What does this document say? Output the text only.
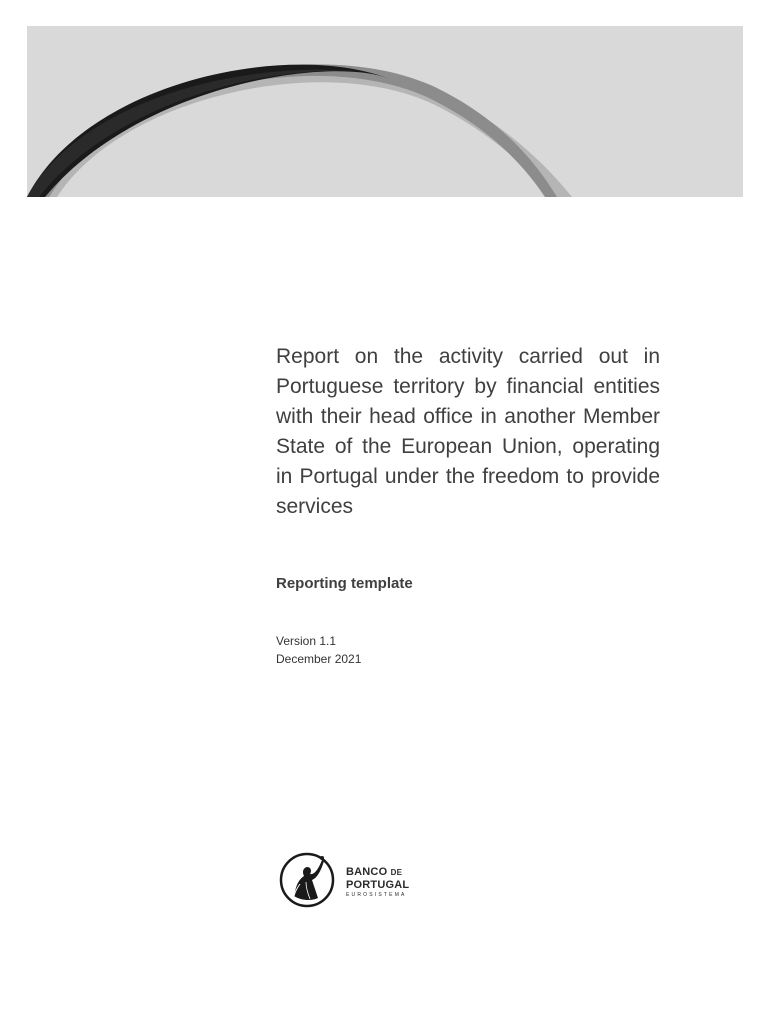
Report on the activity carried out in Portuguese territory by financial entities with their head office in another Member State of the European Union, operating in Portugal under the freedom to provide services
Reporting template
Version 1.1
December 2021
BANCO DE
PORTUGAL
EUROSISTEMA
